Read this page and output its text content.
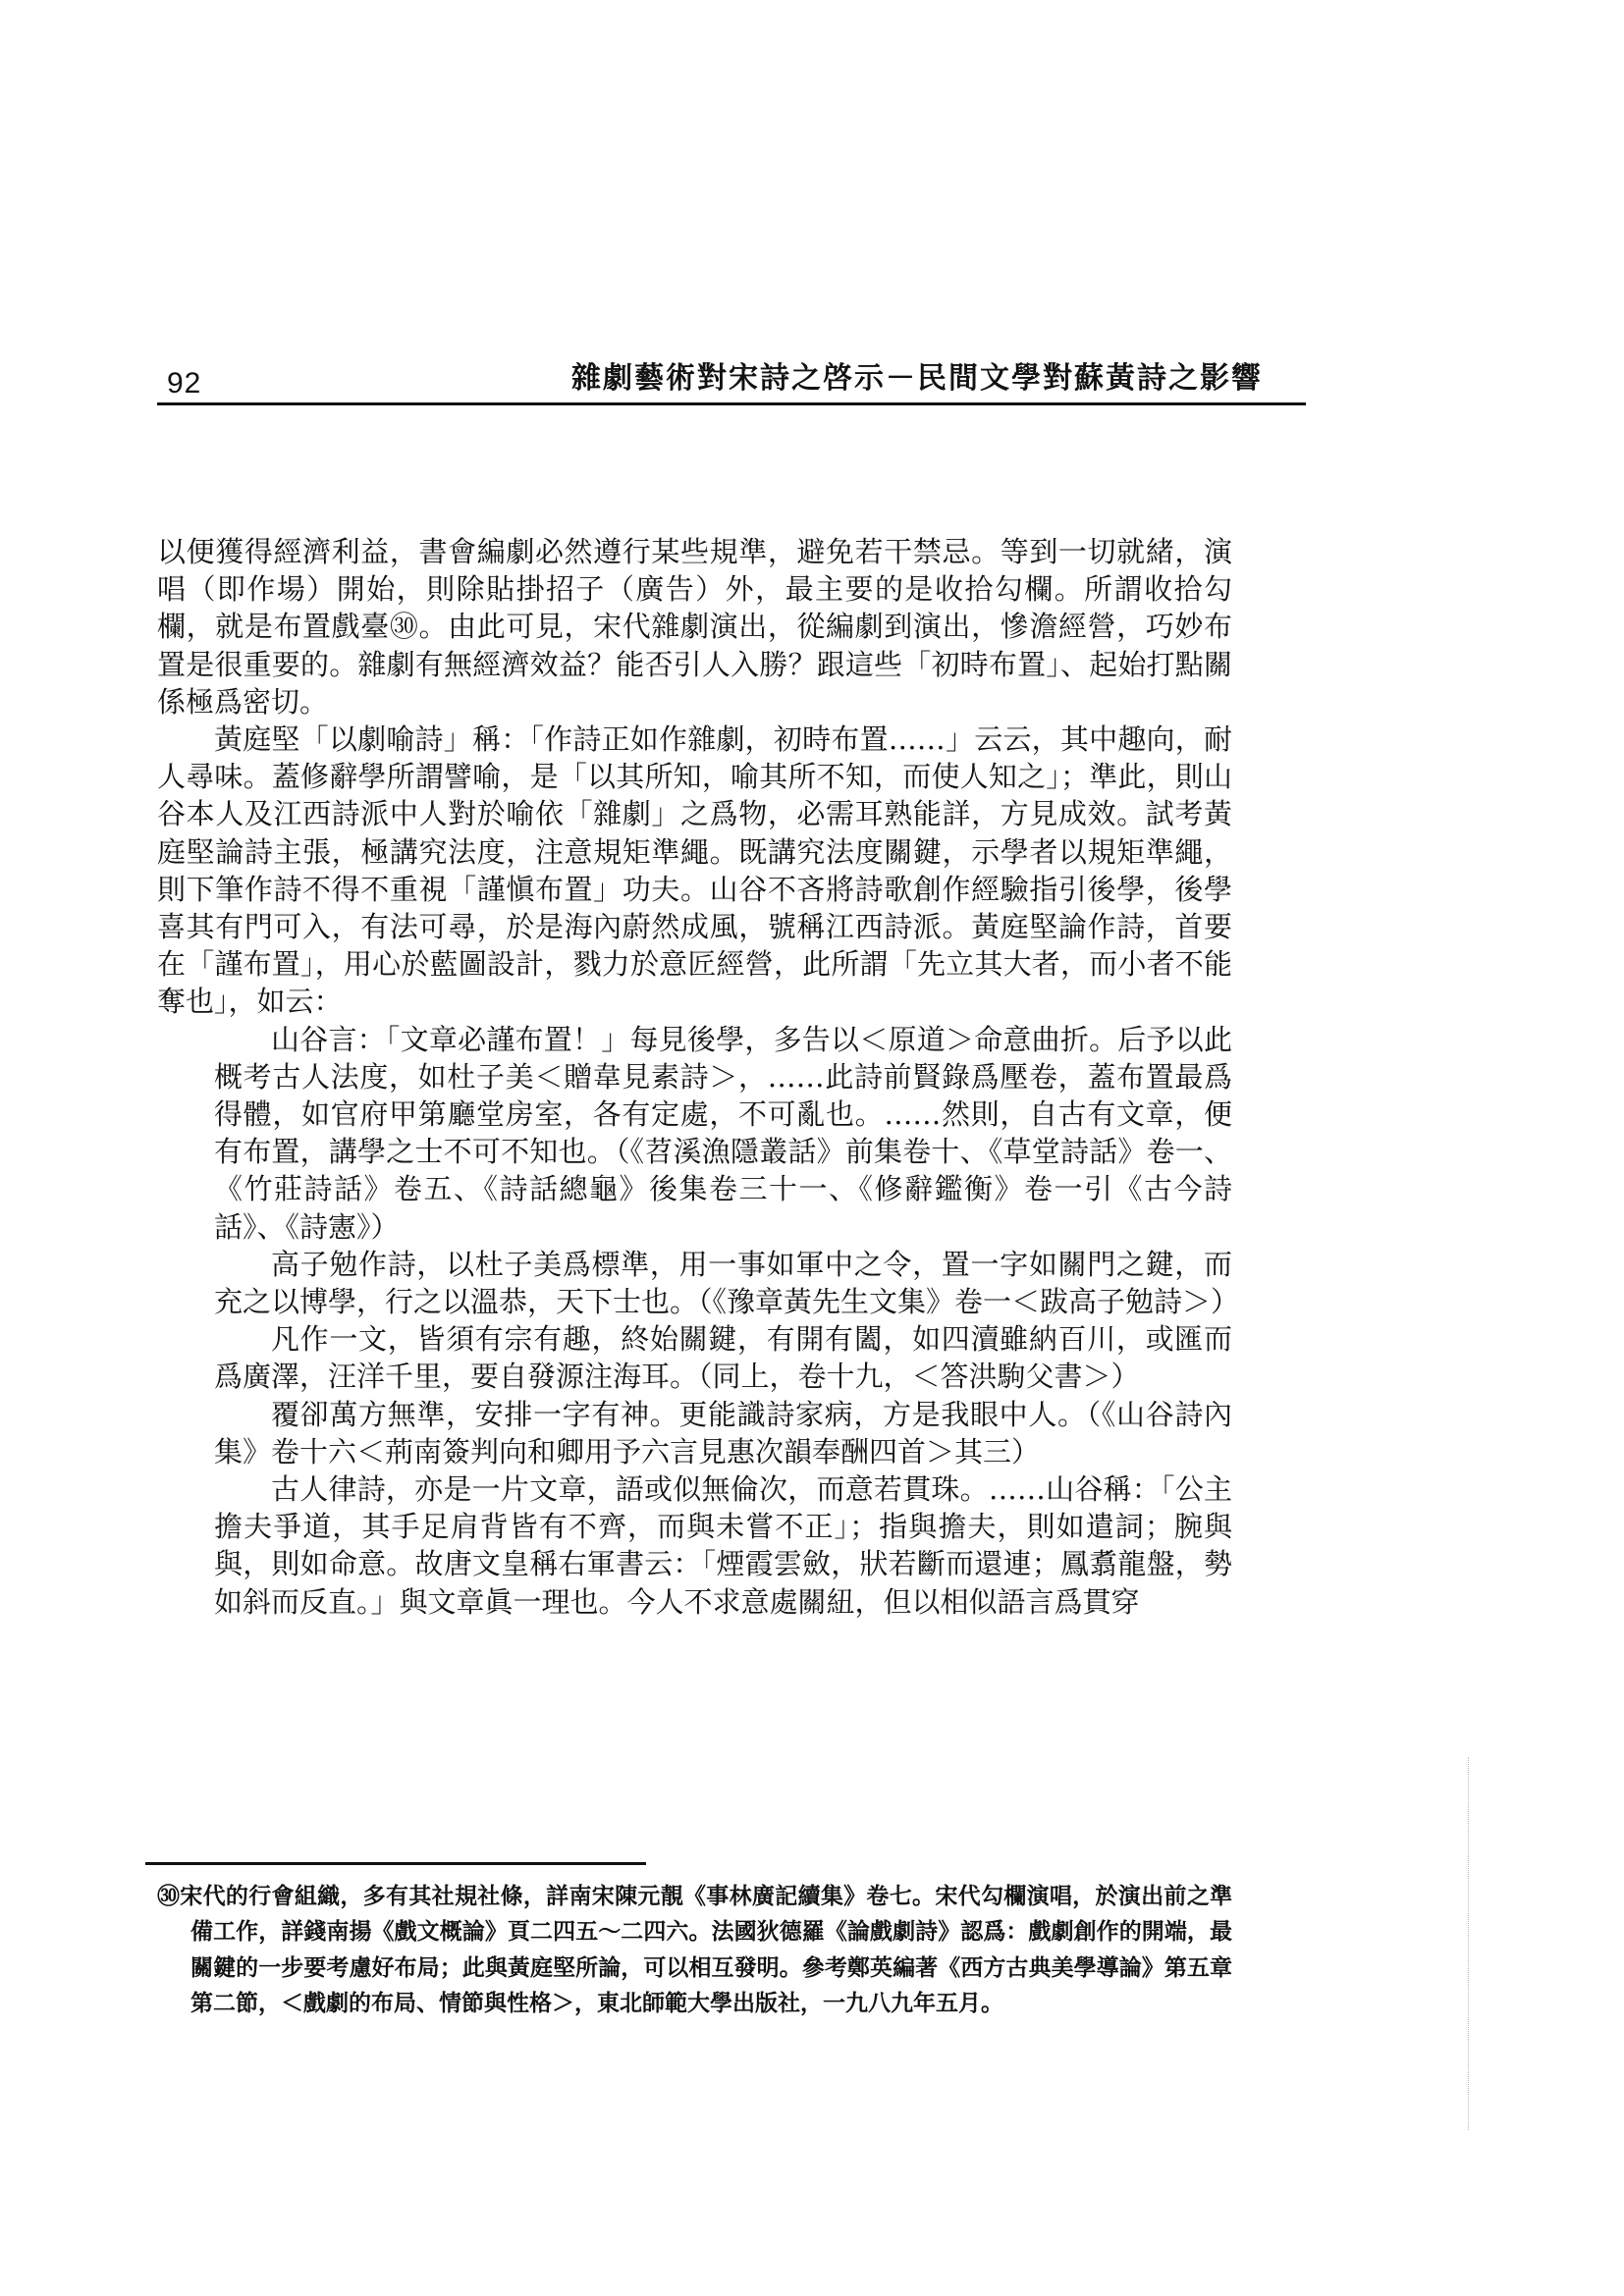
92	雜劇藝術對宋詩之啓示－民間文學對蘇黃詩之影響

以便獲得經濟利益，書會編劇必然遵行某些規準，避免若干禁忌。等到一切就緒，演唱（即作場）開始，則除貼掛招子（廣告）外，最主要的是收拾勾欄。所謂收拾勾欄，就是布置戲臺㉚。由此可見，宋代雜劇演出，從編劇到演出，慘澹經營，巧妙布置是很重要的。雜劇有無經濟效益？能否引人入勝？跟這些「初時布置」、起始打點關係極爲密切。

黃庭堅「以劇喻詩」稱：「作詩正如作雜劇，初時布置……」云云，其中趣向，耐人尋味。蓋修辭學所謂譬喻，是「以其所知，喻其所不知，而使人知之」；準此，則山谷本人及江西詩派中人對於喻依「雜劇」之爲物，必需耳熟能詳，方見成效。試考黃庭堅論詩主張，極講究法度，注意規矩準繩。既講究法度關鍵，示學者以規矩準繩，則下筆作詩不得不重視「謹愼布置」功夫。山谷不吝將詩歌創作經驗指引後學，後學喜其有門可入，有法可尋，於是海內蔚然成風，號稱江西詩派。黃庭堅論作詩，首要在「謹布置」，用心於藍圖設計，戮力於意匠經營，此所謂「先立其大者，而小者不能奪也」，如云：

山谷言：「文章必謹布置！」每見後學，多告以＜原道＞命意曲折。后予以此概考古人法度，如杜子美＜贈韋見素詩＞，……此詩前賢錄爲壓卷，蓋布置最爲得體，如官府甲第廳堂房室，各有定處，不可亂也。……然則，自古有文章，便有布置，講學之士不可不知也。（《苕溪漁隱叢話》前集卷十、《草堂詩話》卷一、《竹莊詩話》卷五、《詩話總龜》後集卷三十一、《修辭鑑衡》卷一引《古今詩話》、《詩憲》）

高子勉作詩，以杜子美爲標準，用一事如軍中之令，置一字如關門之鍵，而充之以博學，行之以溫恭，天下士也。（《豫章黃先生文集》卷一＜跋高子勉詩＞）

凡作一文，皆須有宗有趣，終始關鍵，有開有闔，如四瀆雖納百川，或匯而爲廣澤，汪洋千里，要自發源注海耳。（同上，卷十九，＜答洪駒父書＞）

覆卻萬方無準，安排一字有神。更能識詩家病，方是我眼中人。（《山谷詩內集》卷十六＜荊南簽判向和卿用予六言見惠次韻奉酬四首＞其三）

古人律詩，亦是一片文章，語或似無倫次，而意若貫珠。……山谷稱：「公主擔夫爭道，其手足肩背皆有不齊，而與未嘗不正」；指與擔夫，則如遣詞；腕與與，則如命意。故唐文皇稱右軍書云：「煙霞雲斂，狀若斷而還連；鳳翥龍盤，勢如斜而反直。」與文章眞一理也。今人不求意處關紐，但以相似語言爲貫穿

㉚宋代的行會組織，多有其社規社條，詳南宋陳元靚《事林廣記續集》卷七。宋代勾欄演唱，於演出前之準備工作，詳錢南揚《戲文概論》頁二四五～二四六。法國狄德羅《論戲劇詩》認爲：戲劇創作的開端，最關鍵的一步要考慮好布局；此與黃庭堅所論，可以相互發明。參考鄭英編著《西方古典美學導論》第五章第二節，＜戲劇的布局、情節與性格＞，東北師範大學出版社，一九八九年五月。
